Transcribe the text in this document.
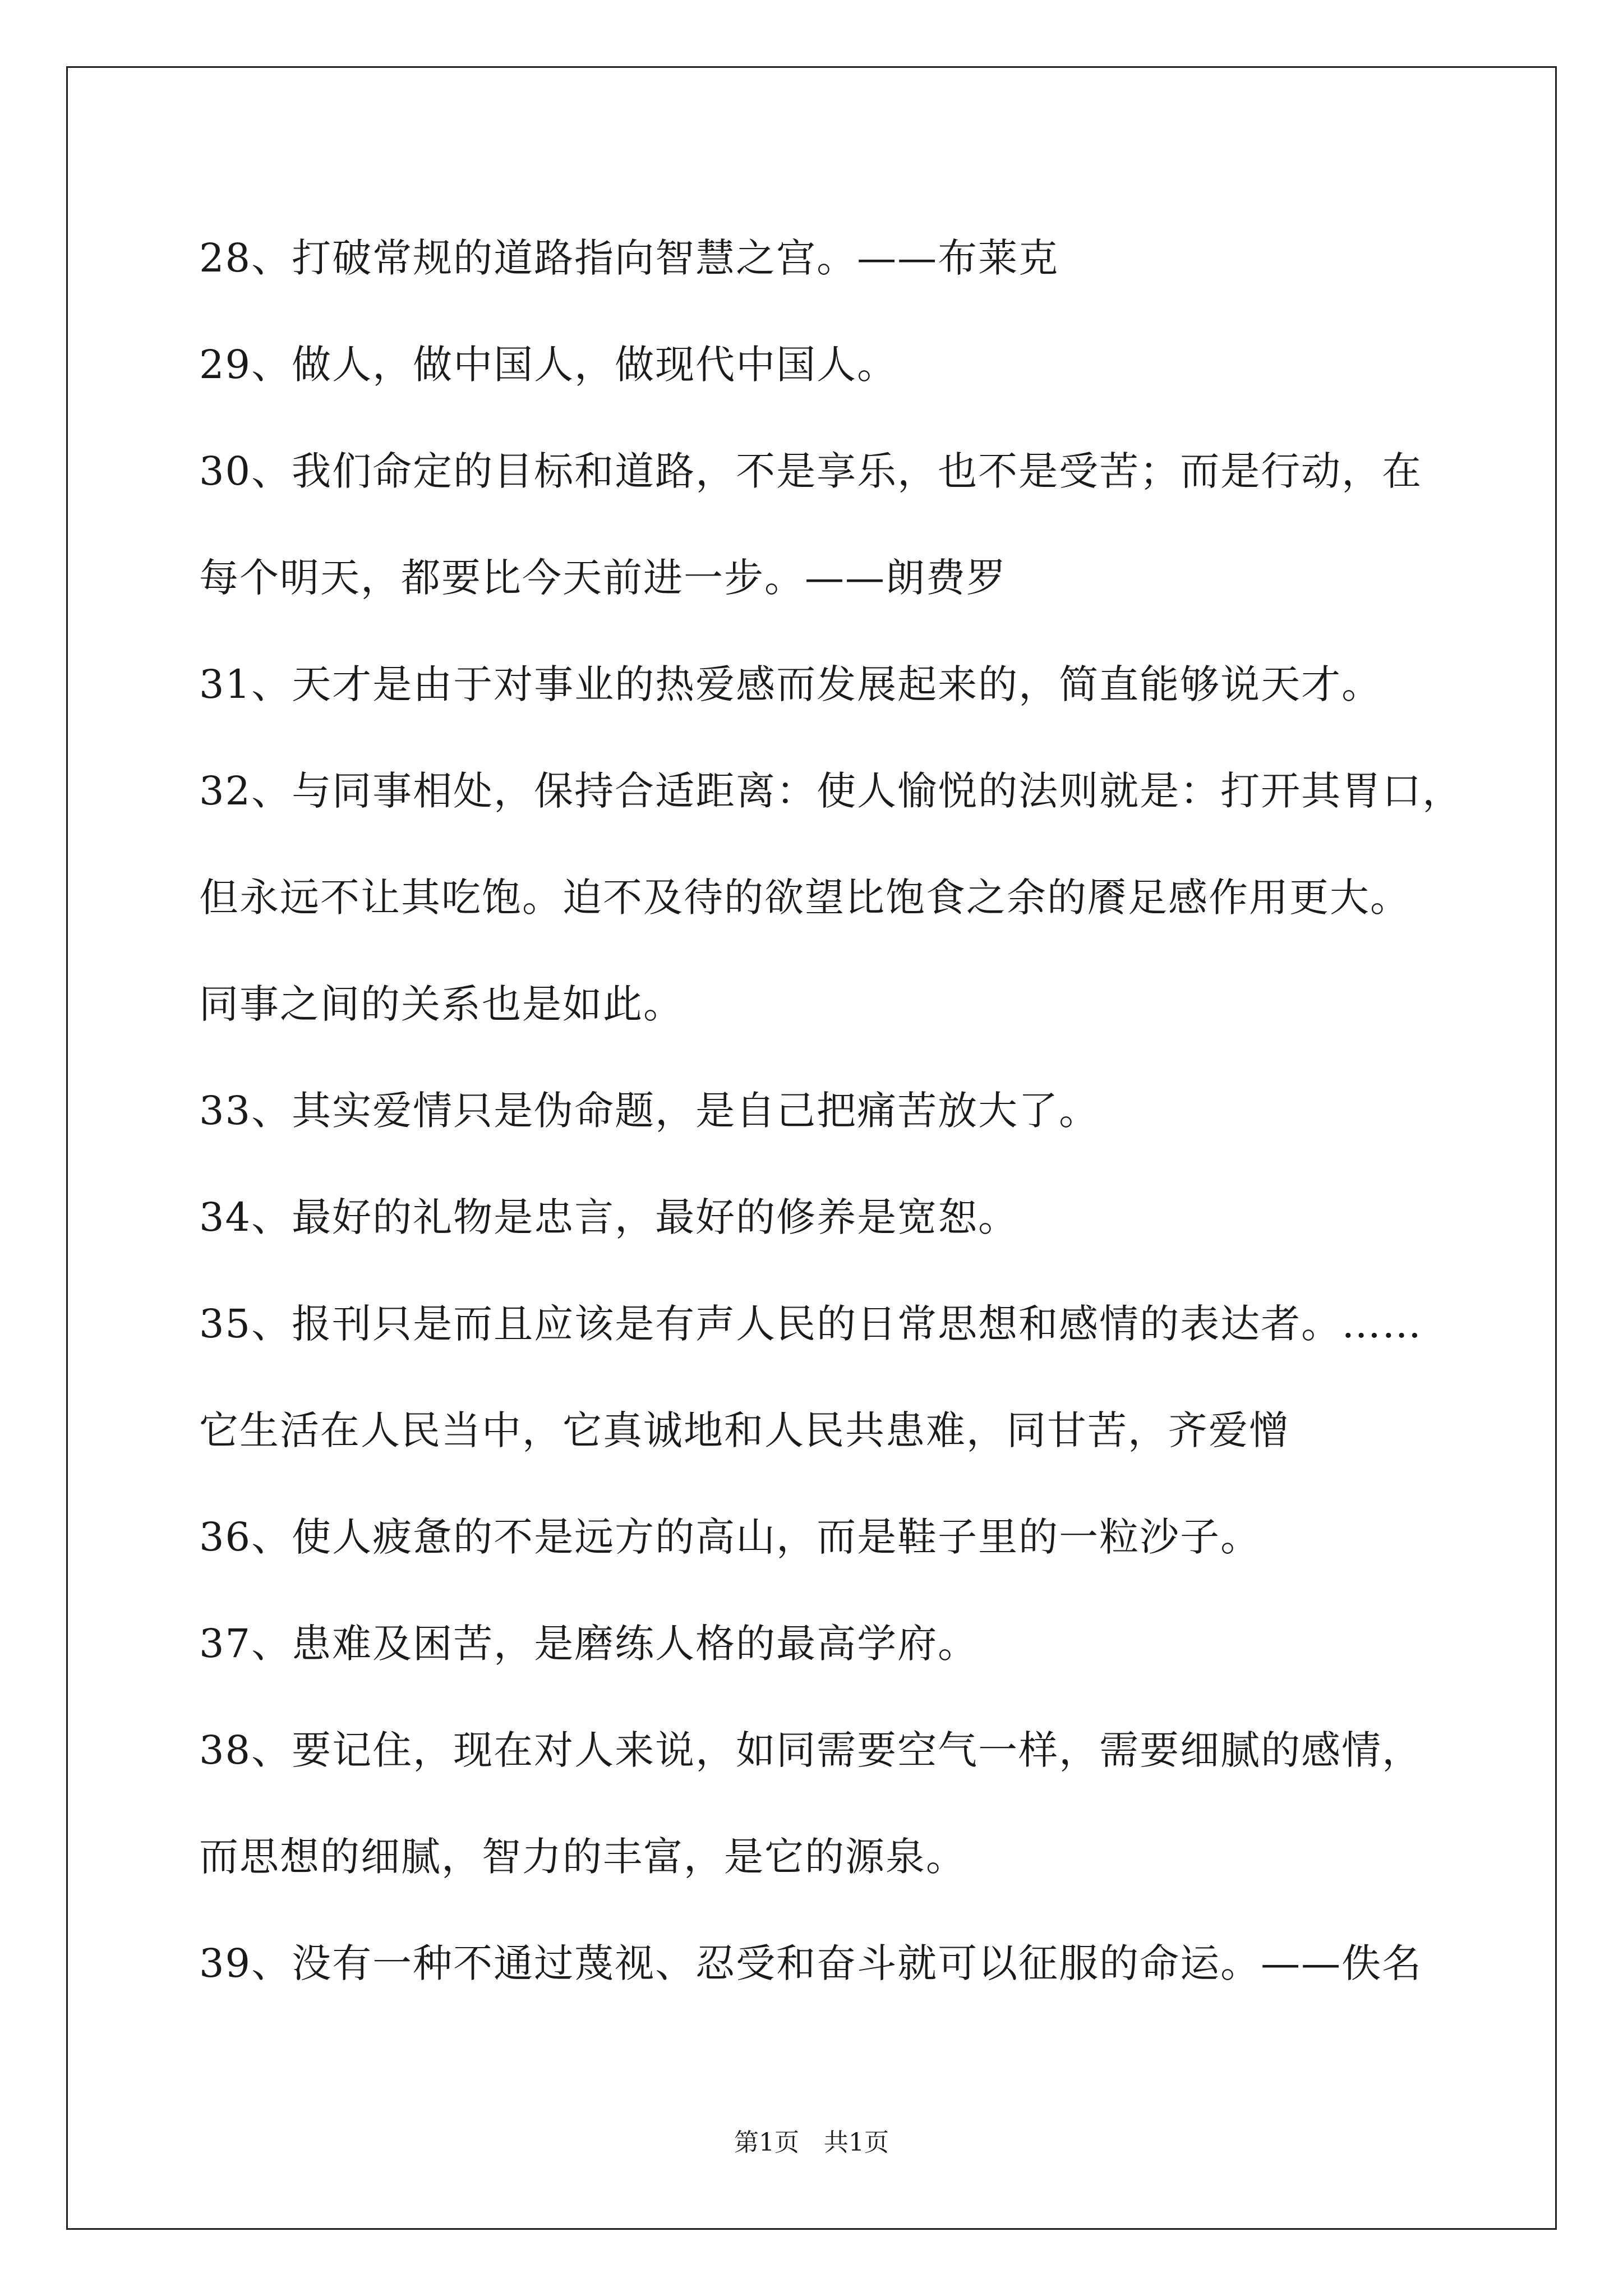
28、打破常规的道路指向智慧之宫。——布莱克
29、做人，做中国人，做现代中国人。
30、我们命定的目标和道路，不是享乐，也不是受苦；而是行动，在
每个明天，都要比今天前进一步。——朗费罗
31、天才是由于对事业的热爱感而发展起来的，简直能够说天才。
32、与同事相处，保持合适距离：使人愉悦的法则就是：打开其胃口，
但永远不让其吃饱。迫不及待的欲望比饱食之余的餍足感作用更大。
同事之间的关系也是如此。
33、其实爱情只是伪命题，是自己把痛苦放大了。
34、最好的礼物是忠言，最好的修养是宽恕。
35、报刊只是而且应该是有声人民的日常思想和感情的表达者。……
它生活在人民当中，它真诚地和人民共患难，同甘苦，齐爱憎
36、使人疲惫的不是远方的高山，而是鞋子里的一粒沙子。
37、患难及困苦，是磨练人格的最高学府。
38、要记住，现在对人来说，如同需要空气一样，需要细腻的感情，
而思想的细腻，智力的丰富，是它的源泉。
39、没有一种不通过蔑视、忍受和奋斗就可以征服的命运。——佚名
第1页　共1页
